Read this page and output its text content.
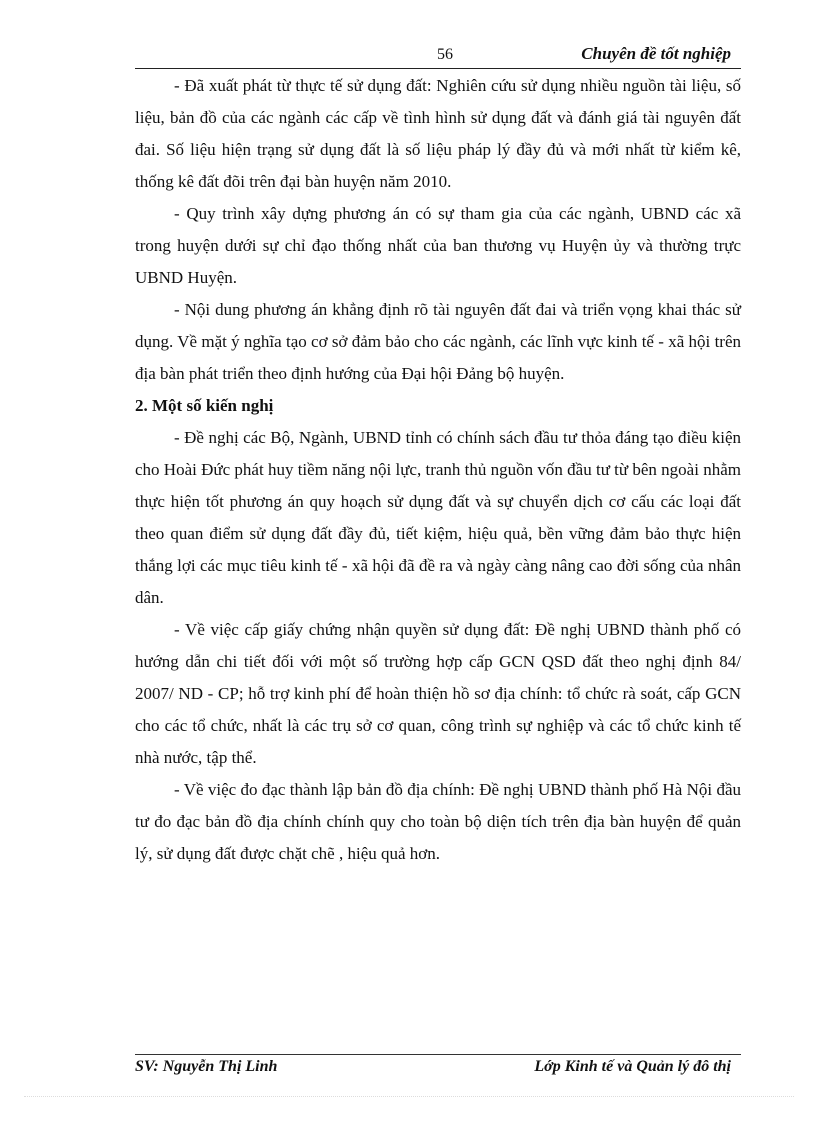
56	Chuyên đề tốt nghiệp

- Đã xuất phát từ thực tế sử dụng đất: Nghiên cứu sử dụng nhiều nguồn tài liệu, số liệu, bản đồ của các ngành các cấp về tình hình sử dụng đất và đánh giá tài nguyên đất đai. Số liệu hiện trạng sử dụng đất là số liệu pháp lý đầy đủ và mới nhất từ kiểm kê, thống kê đất đõi trên đại bàn huyện năm 2010.

- Quy trình xây dựng phương án có sự tham gia của các ngành, UBND các xã trong huyện dưới sự chỉ đạo thống nhất của ban thương vụ Huyện ủy và thường trực UBND Huyện.

- Nội dung phương án khẳng định rõ tài nguyên đất đai và triển vọng khai thác sử dụng. Về mặt ý nghĩa tạo cơ sở đảm bảo cho các ngành, các lĩnh vực kinh tế - xã hội trên địa bàn phát triển theo định hướng của Đại hội Đảng bộ huyện.

2. Một số kiến nghị

- Đề nghị các Bộ, Ngành, UBND tỉnh có chính sách đầu tư thỏa đáng tạo điều kiện cho Hoài Đức phát huy tiềm năng nội lực, tranh thủ nguồn vốn đầu tư từ bên ngoài nhằm thực hiện tốt phương án quy hoạch sử dụng đất và sự chuyển dịch cơ cấu các loại đất theo quan điểm sử dụng đất đầy đủ, tiết kiệm, hiệu quả, bền vững đảm bảo thực hiện thắng lợi các mục tiêu kinh tế - xã hội đã đề ra và ngày càng nâng cao đời sống của nhân dân.

- Về việc cấp giấy chứng nhận quyền sử dụng đất: Đề nghị UBND thành phố có hướng dẫn chi tiết đối với một số trường hợp cấp GCN QSD đất theo nghị định 84/ 2007/ ND - CP; hỗ trợ kinh phí để hoàn thiện hồ sơ địa chính: tổ chức rà soát, cấp GCN cho các tổ chức, nhất là các trụ sở cơ quan, công trình sự nghiệp và các tổ chức kinh tế nhà nước, tập thể.

- Về việc đo đạc thành lập bản đồ địa chính: Đề nghị UBND thành phố Hà Nội đầu tư đo đạc bản đồ địa chính chính quy cho toàn bộ diện tích trên địa bàn huyện để quản lý, sử dụng đất được chặt chẽ , hiệu quả hơn.

SV: Nguyễn Thị Linh	Lớp Kinh tế và Quản lý đô thị
